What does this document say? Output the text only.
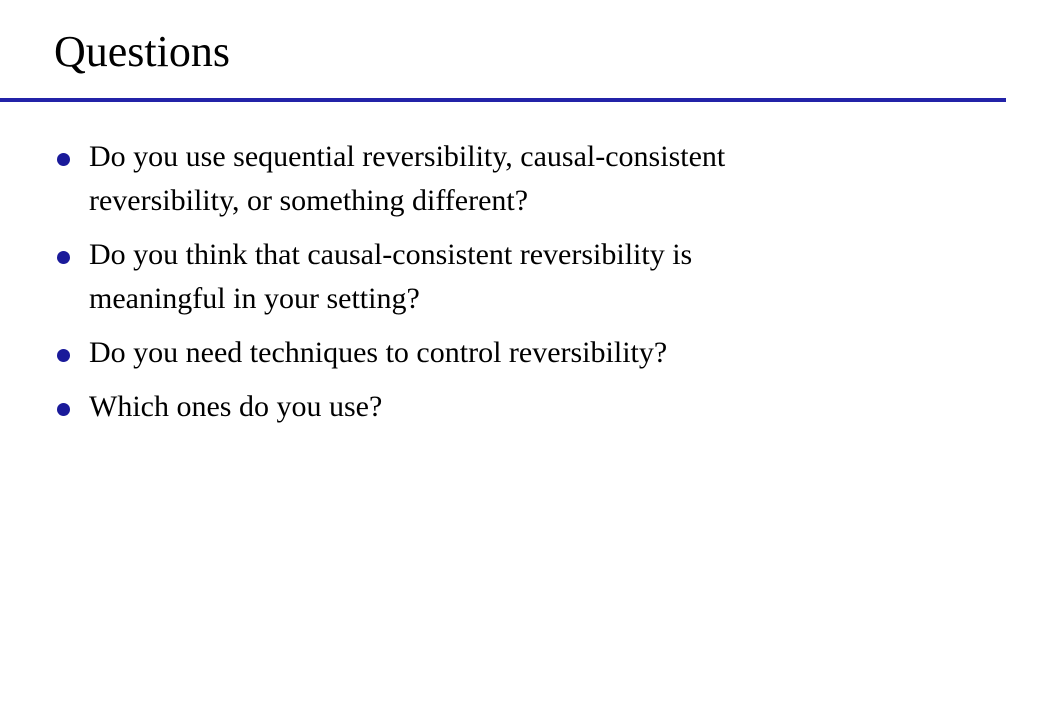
Questions
Do you use sequential reversibility, causal-consistent
reversibility, or something different?
Do you think that causal-consistent reversibility is
meaningful in your setting?
Do you need techniques to control reversibility?
Which ones do you use?
